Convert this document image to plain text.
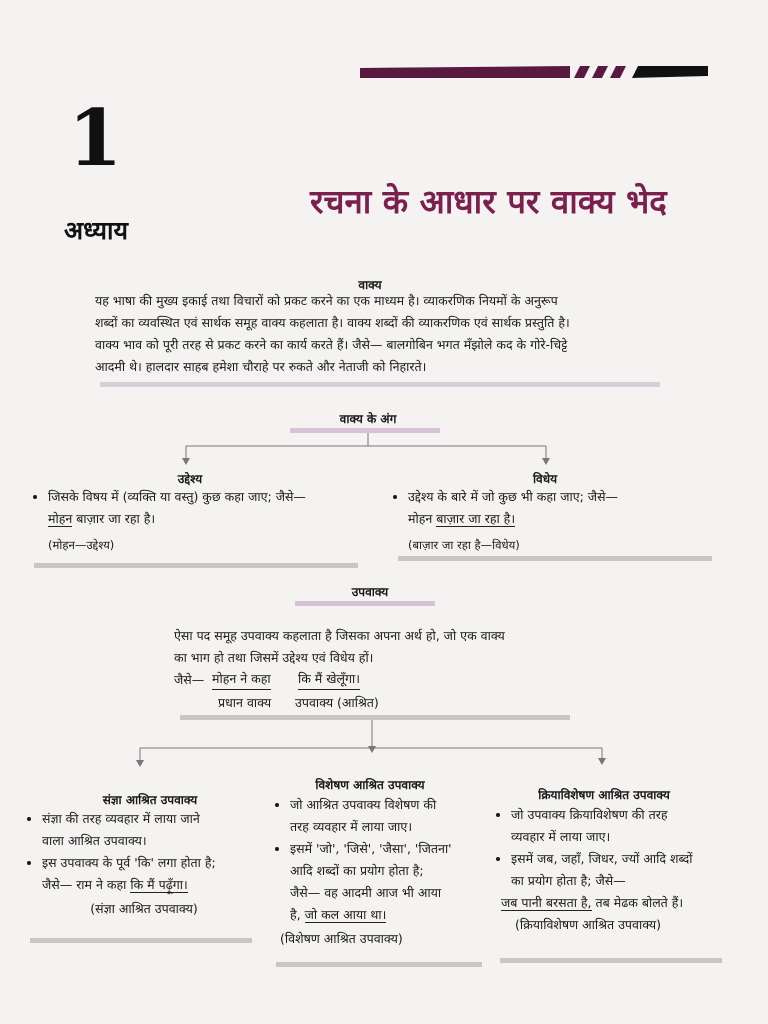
1
अध्याय
रचना के आधार पर वाक्य भेद
वाक्य
यह भाषा की मुख्य इकाई तथा विचारों को प्रकट करने का एक माध्यम है। व्याकरणिक नियमों के अनुरूप
शब्दों का व्यवस्थित एवं सार्थक समूह वाक्य कहलाता है। वाक्य शब्दों की व्याकरणिक एवं सार्थक प्रस्तुति है।
वाक्य भाव को पूरी तरह से प्रकट करने का कार्य करते हैं। जैसे— बालगोबिन भगत मँझोले कद के गोरे-चिट्टे
आदमी थे। हालदार साहब हमेशा चौराहे पर रुकते और नेताजी को निहारते।
वाक्य के अंग
उद्देश्य
• जिसके विषय में (व्यक्ति या वस्तु) कुछ कहा जाए; जैसे—
मोहन बाज़ार जा रहा है।
(मोहन—उद्देश्य)
विधेय
• उद्देश्य के बारे में जो कुछ भी कहा जाए; जैसे—
मोहन बाज़ार जा रहा है।
(बाज़ार जा रहा है—विधेय)
उपवाक्य
ऐसा पद समूह उपवाक्य कहलाता है जिसका अपना अर्थ हो, जो एक वाक्य
का भाग हो तथा जिसमें उद्देश्य एवं विधेय हों।
जैसे— मोहन ने कहा कि मैं खेलूँगा।
प्रधान वाक्य उपवाक्य (आश्रित)
संज्ञा आश्रित उपवाक्य
• संज्ञा की तरह व्यवहार में लाया जाने
वाला आश्रित उपवाक्य।
• इस उपवाक्य के पूर्व 'कि' लगा होता है;
जैसे— राम ने कहा कि मैं पढ़ूँगा।
(संज्ञा आश्रित उपवाक्य)
विशेषण आश्रित उपवाक्य
• जो आश्रित उपवाक्य विशेषण की
तरह व्यवहार में लाया जाए।
• इसमें 'जो', 'जिसे', 'जैसा', 'जितना'
आदि शब्दों का प्रयोग होता है;
जैसे— वह आदमी आज भी आया
है, जो कल आया था।
(विशेषण आश्रित उपवाक्य)
क्रियाविशेषण आश्रित उपवाक्य
• जो उपवाक्य क्रियाविशेषण की तरह
व्यवहार में लाया जाए।
• इसमें जब, जहाँ, जिधर, ज्यों आदि शब्दों
का प्रयोग होता है; जैसे—
जब पानी बरसता है, तब मेढक बोलते हैं।
(क्रियाविशेषण आश्रित उपवाक्य)
